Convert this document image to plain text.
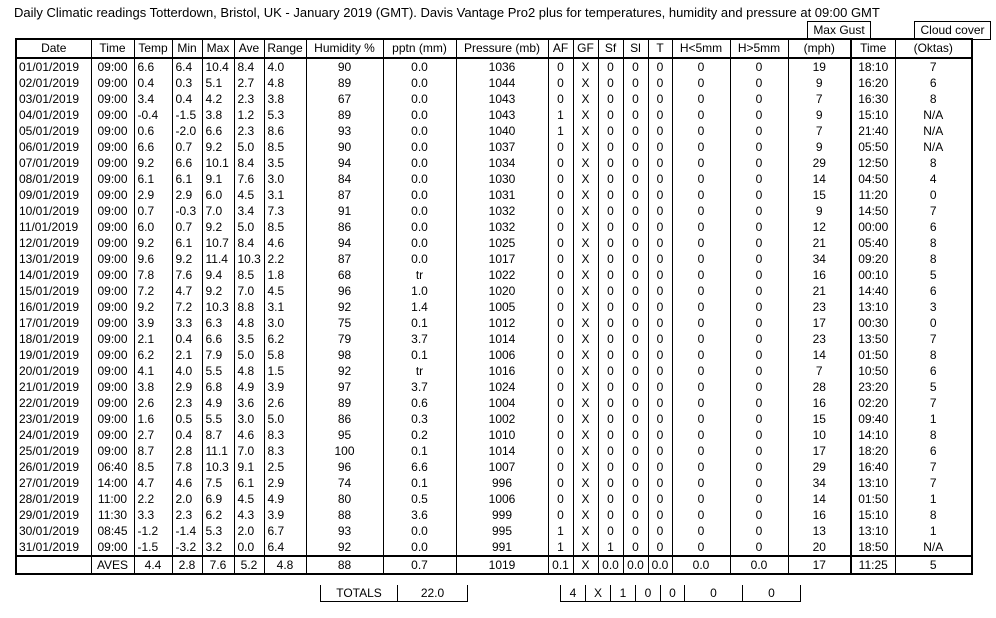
Daily Climatic readings Totterdown, Bristol, UK - January 2019 (GMT). Davis Vantage Pro2 plus for temperatures, humidity and pressure at 09:00 GMT
Max Gust	Cloud cover
Date	Time	Temp	Min	Max	Ave	Range	Humidity %	pptn (mm)	Pressure (mb)	AF	GF	Sf	Sl	T	H<5mm	H>5mm	(mph)	Time	(Oktas)
01/01/2019	09:00	6.6	6.4	10.4	8.4	4.0	90	0.0	1036	0	X	0	0	0	0	0	19	18:10	7
02/01/2019	09:00	0.4	0.3	5.1	2.7	4.8	89	0.0	1044	0	X	0	0	0	0	0	9	16:20	6
03/01/2019	09:00	3.4	0.4	4.2	2.3	3.8	67	0.0	1043	0	X	0	0	0	0	0	7	16:30	8
04/01/2019	09:00	-0.4	-1.5	3.8	1.2	5.3	89	0.0	1043	1	X	0	0	0	0	0	9	15:10	N/A
05/01/2019	09:00	0.6	-2.0	6.6	2.3	8.6	93	0.0	1040	1	X	0	0	0	0	0	7	21:40	N/A
06/01/2019	09:00	6.6	0.7	9.2	5.0	8.5	90	0.0	1037	0	X	0	0	0	0	0	9	05:50	N/A
07/01/2019	09:00	9.2	6.6	10.1	8.4	3.5	94	0.0	1034	0	X	0	0	0	0	0	29	12:50	8
08/01/2019	09:00	6.1	6.1	9.1	7.6	3.0	84	0.0	1030	0	X	0	0	0	0	0	14	04:50	4
09/01/2019	09:00	2.9	2.9	6.0	4.5	3.1	87	0.0	1031	0	X	0	0	0	0	0	15	11:20	0
10/01/2019	09:00	0.7	-0.3	7.0	3.4	7.3	91	0.0	1032	0	X	0	0	0	0	0	9	14:50	7
11/01/2019	09:00	6.0	0.7	9.2	5.0	8.5	86	0.0	1032	0	X	0	0	0	0	0	12	00:00	6
12/01/2019	09:00	9.2	6.1	10.7	8.4	4.6	94	0.0	1025	0	X	0	0	0	0	0	21	05:40	8
13/01/2019	09:00	9.6	9.2	11.4	10.3	2.2	87	0.0	1017	0	X	0	0	0	0	0	34	09:20	8
14/01/2019	09:00	7.8	7.6	9.4	8.5	1.8	68	tr	1022	0	X	0	0	0	0	0	16	00:10	5
15/01/2019	09:00	7.2	4.7	9.2	7.0	4.5	96	1.0	1020	0	X	0	0	0	0	0	21	14:40	6
16/01/2019	09:00	9.2	7.2	10.3	8.8	3.1	92	1.4	1005	0	X	0	0	0	0	0	23	13:10	3
17/01/2019	09:00	3.9	3.3	6.3	4.8	3.0	75	0.1	1012	0	X	0	0	0	0	0	17	00:30	0
18/01/2019	09:00	2.1	0.4	6.6	3.5	6.2	79	3.7	1014	0	X	0	0	0	0	0	23	13:50	7
19/01/2019	09:00	6.2	2.1	7.9	5.0	5.8	98	0.1	1006	0	X	0	0	0	0	0	14	01:50	8
20/01/2019	09:00	4.1	4.0	5.5	4.8	1.5	92	tr	1016	0	X	0	0	0	0	0	7	10:50	6
21/01/2019	09:00	3.8	2.9	6.8	4.9	3.9	97	3.7	1024	0	X	0	0	0	0	0	28	23:20	5
22/01/2019	09:00	2.6	2.3	4.9	3.6	2.6	89	0.6	1004	0	X	0	0	0	0	0	16	02:20	7
23/01/2019	09:00	1.6	0.5	5.5	3.0	5.0	86	0.3	1002	0	X	0	0	0	0	0	15	09:40	1
24/01/2019	09:00	2.7	0.4	8.7	4.6	8.3	95	0.2	1010	0	X	0	0	0	0	0	10	14:10	8
25/01/2019	09:00	8.7	2.8	11.1	7.0	8.3	100	0.1	1014	0	X	0	0	0	0	0	17	18:20	6
26/01/2019	06:40	8.5	7.8	10.3	9.1	2.5	96	6.6	1007	0	X	0	0	0	0	0	29	16:40	7
27/01/2019	14:00	4.7	4.6	7.5	6.1	2.9	74	0.1	996	0	X	0	0	0	0	0	34	13:10	7
28/01/2019	11:00	2.2	2.0	6.9	4.5	4.9	80	0.5	1006	0	X	0	0	0	0	0	14	01:50	1
29/01/2019	11:30	3.3	2.3	6.2	4.3	3.9	88	3.6	999	0	X	0	0	0	0	0	16	15:10	8
30/01/2019	08:45	-1.2	-1.4	5.3	2.0	6.7	93	0.0	995	1	X	0	0	0	0	0	13	13:10	1
31/01/2019	09:00	-1.5	-3.2	3.2	0.0	6.4	92	0.0	991	1	X	1	0	0	0	0	20	18:50	N/A
	AVES	4.4	2.8	7.6	5.2	4.8	88	0.7	1019	0.1	X	0.0	0.0	0.0	0.0	0.0	17	11:25	5
TOTALS	22.0	4	X	1	0	0	0	0
